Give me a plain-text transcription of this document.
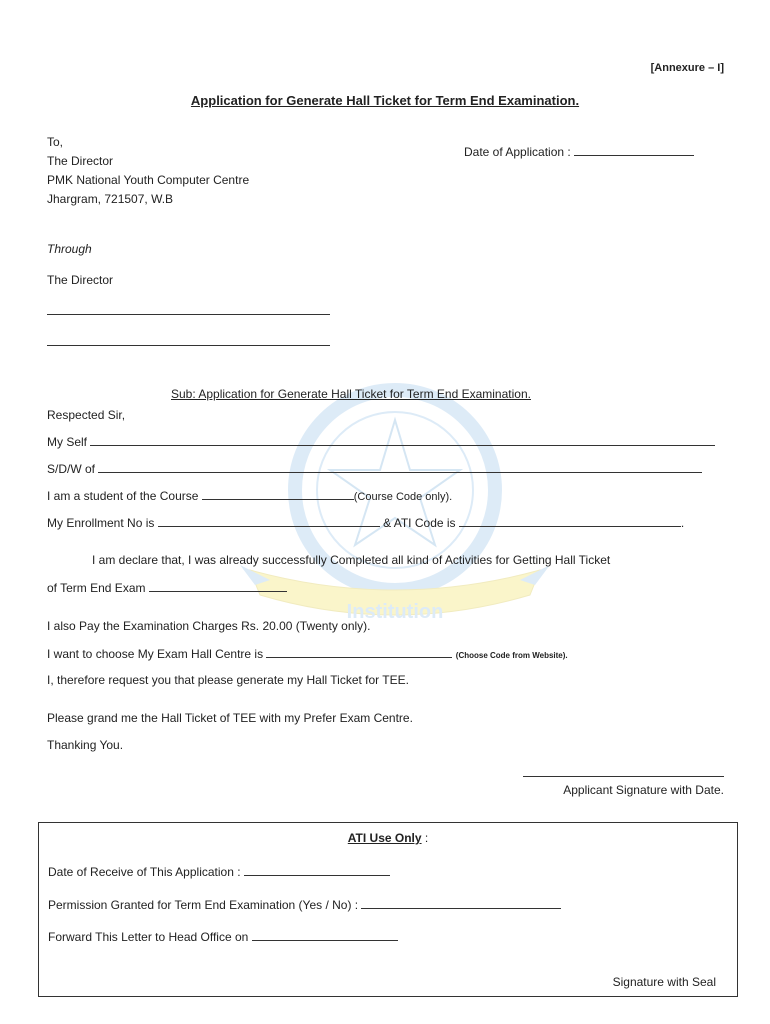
Institution
[Annexure – I]
Application for Generate Hall Ticket for Term End Examination.
To,
The Director
PMK National Youth Computer Centre
Jhargram, 721507, W.B
Date of Application :
Through
The Director
Sub: Application for Generate Hall Ticket for Term End Examination.
Respected Sir,
My Self
S/D/W of
I am a student of the Course	(Course Code only).
My Enrollment No is	& ATI Code is	.
I am declare that, I was already successfully Completed all kind of Activities for Getting Hall Ticket
of Term End Exam
I also Pay the Examination Charges Rs. 20.00 (Twenty only).
I want to choose My Exam Hall Centre is	(Choose Code from Website).
I, therefore request you that please generate my Hall Ticket for TEE.
Please grand me the Hall Ticket of TEE with my Prefer Exam Centre.
Thanking You.
Applicant Signature with Date.
ATI Use Only :
Date of Receive of This Application :
Permission Granted for Term End Examination (Yes / No) :
Forward This Letter to Head Office on
Signature with Seal
